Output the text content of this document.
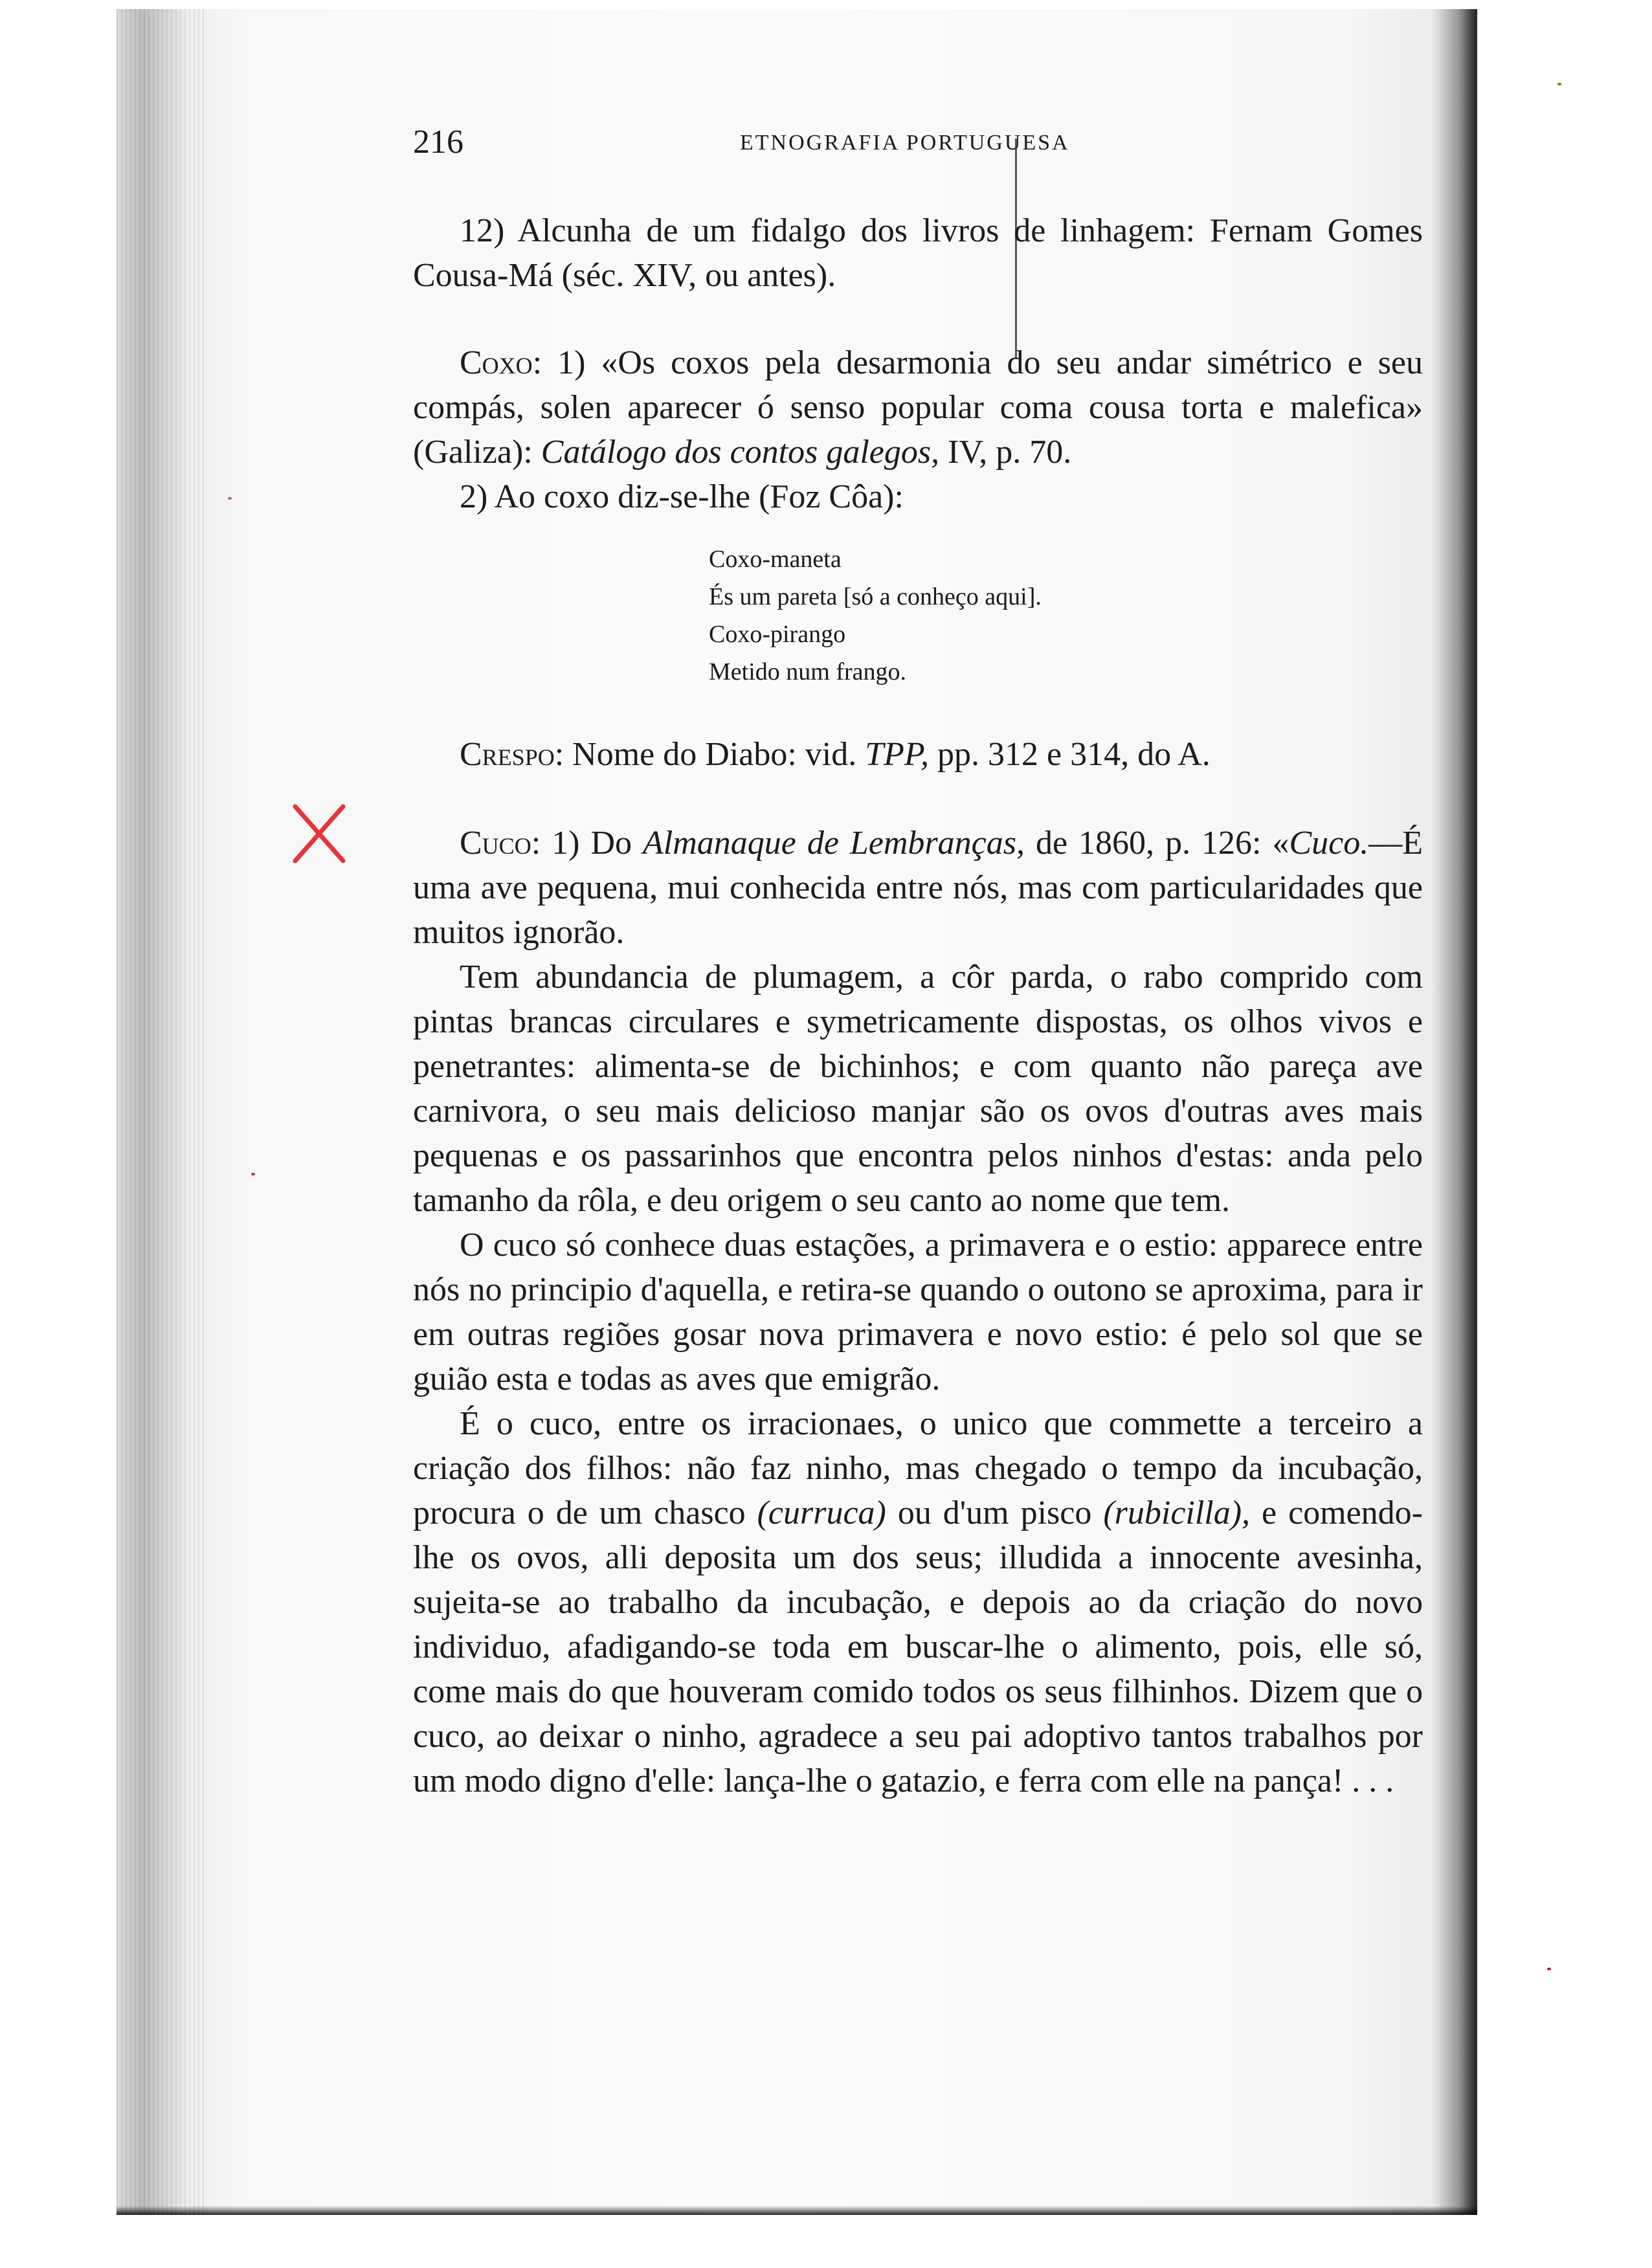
216	ETNOGRAFIA PORTUGUESA

12) Alcunha de um fidalgo dos livros de linhagem: Fernam Gomes Cousa-Má (séc. XIV, ou antes).

Coxo: 1) «Os coxos pela desarmonia do seu andar simétrico e seu compás, solen aparecer ó senso popular coma cousa torta e malefica» (Galiza): Catálogo dos contos galegos, IV, p. 70.

2) Ao coxo diz-se-lhe (Foz Côa):

Coxo-maneta
És um pareta [só a conheço aqui].
Coxo-pirango
Metido num frango.

Crespo: Nome do Diabo: vid. TPP, pp. 312 e 314, do A.

Cuco: 1) Do Almanaque de Lembranças, de 1860, p. 126: «Cuco.—É uma ave pequena, mui conhecida entre nós, mas com particularidades que muitos ignorão.

Tem abundancia de plumagem, a côr parda, o rabo comprido com pintas brancas circulares e symetricamente dispostas, os olhos vivos e penetrantes: alimenta-se de bichinhos; e com quanto não pareça ave carnivora, o seu mais delicioso manjar são os ovos d'outras aves mais pequenas e os passarinhos que encontra pelos ninhos d'estas: anda pelo tamanho da rôla, e deu origem o seu canto ao nome que tem.

O cuco só conhece duas estações, a primavera e o estio: apparece entre nós no principio d'aquella, e retira-se quando o outono se aproxima, para ir em outras regiões gosar nova primavera e novo estio: é pelo sol que se guião esta e todas as aves que emigrão.

É o cuco, entre os irracionaes, o unico que commette a terceiro a criação dos filhos: não faz ninho, mas chegado o tempo da incubação, procura o de um chasco (curruca) ou d'um pisco (rubicilla), e comendo-lhe os ovos, alli deposita um dos seus; illudida a innocente avesinha, sujeita-se ao trabalho da incubação, e depois ao da criação do novo individuo, afadigando-se toda em buscar-lhe o alimento, pois, elle só, come mais do que houveram comido todos os seus filhinhos. Dizem que o cuco, ao deixar o ninho, agradece a seu pai adoptivo tantos trabalhos por um modo digno d'elle: lança-lhe o gatazio, e ferra com elle na pança! . . .
